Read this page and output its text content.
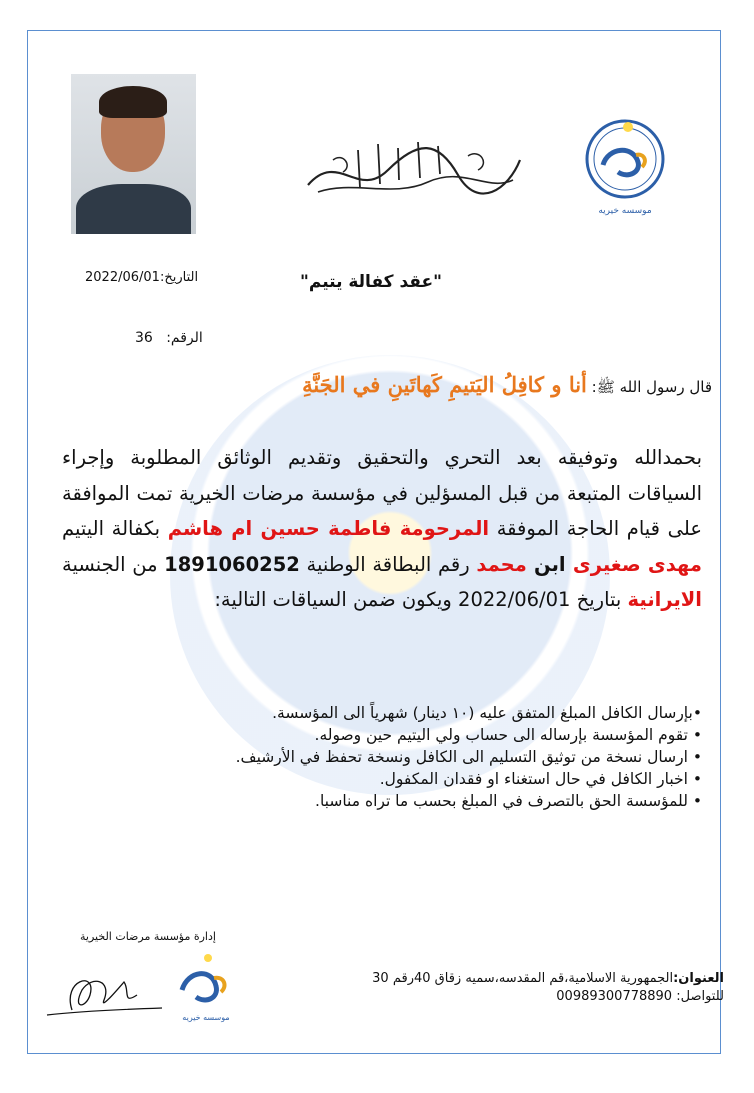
موسسه خيريه
"عقد كفالة يتيم"
التاريخ:2022/06/01
الرقم:   36
قال رسول الله ﷺ: أنا و كافِلُ اليَتيمِ كَهاتَينِ في الجَنَّةِ
بحمدالله وتوفيقه بعد التحري والتحقيق وتقديم الوثائق المطلوبة وإجراء السياقات المتبعة من قبل المسؤلين في مؤسسة مرضات الخيرية تمت الموافقة على قيام الحاجة الموفقة المرحومة فاطمة حسين ام هاشم بكفالة اليتيم مهدى صغيرى ابن محمد رقم البطاقة الوطنية 1891060252 من الجنسية الايرانية بتاريخ 2022/06/01 ويكون ضمن السياقات التالية:
•بإرسال الكافل المبلغ المتفق عليه (١٠ دينار) شهرياً الى المؤسسة.
• تقوم المؤسسة بإرساله الى حساب ولي اليتيم حين وصوله.
• ارسال نسخة من توثيق التسليم الى الكافل ونسخة تحفظ في الأرشيف.
• اخبار الكافل في حال استغناء او فقدان المكفول.
• للمؤسسة الحق بالتصرف في المبلغ بحسب ما تراه مناسبا.
إدارة مؤسسة مرضات الخيرية
موسسه خيريه
العنوان:الجمهورية الاسلامية،قم المقدسه،سميه زقاق 40رقم 30
للتواصل: 00989300778890
